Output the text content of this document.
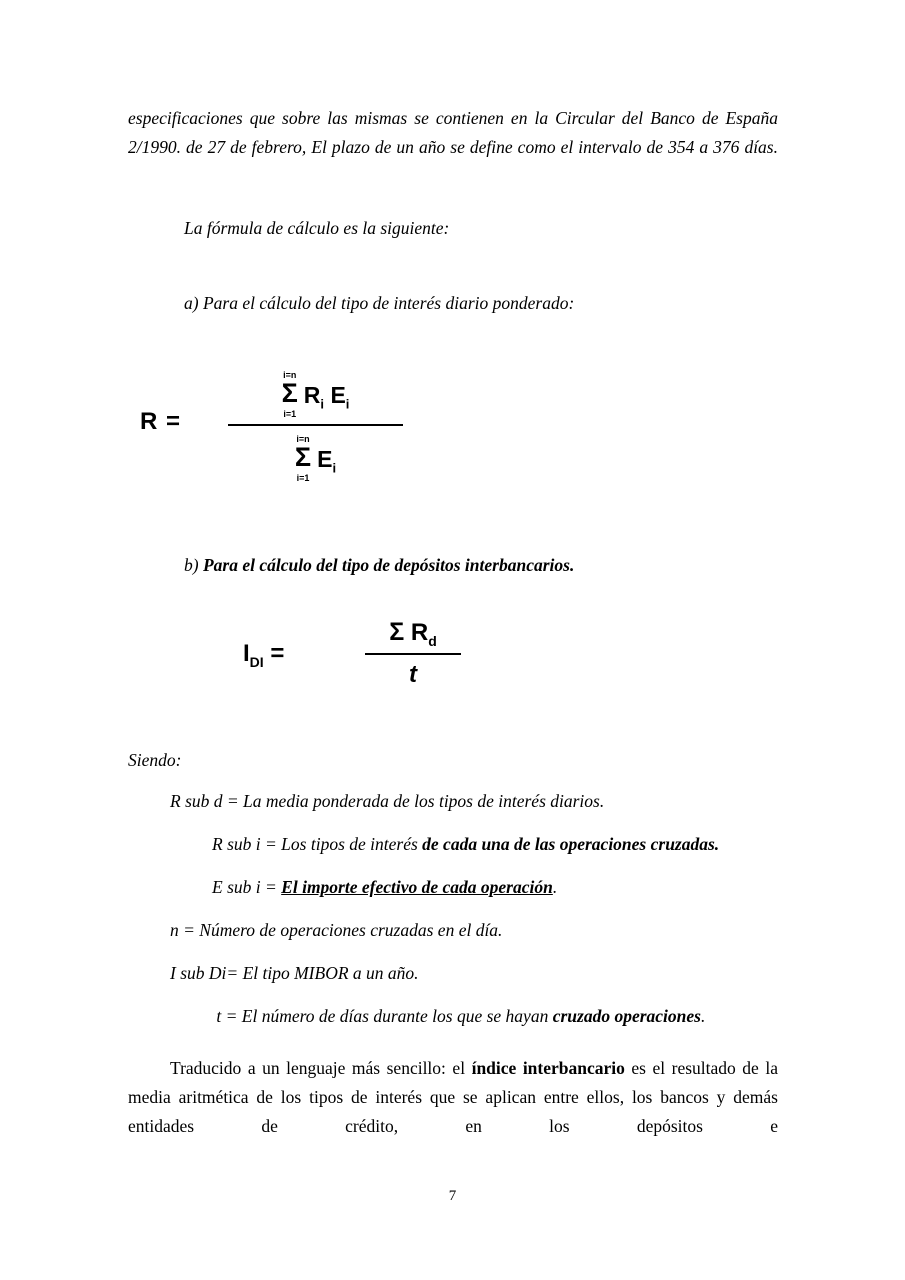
especificaciones que sobre las mismas se contienen en la Circular del Banco de España 2/1990. de 27 de febrero, El plazo de un año se define como el intervalo de 354 a 376 días.

La fórmula de cálculo es la siguiente:

a) Para el cálculo del tipo de interés diario ponderado:

R =
i=n
Σ
$i=1R_i$ $E_i$
i=n
Σ
$i=1E_i$

b) Para el cálculo del tipo de depósitos interbancarios.

$I_{DI}$ =
Σ $R_d$
t

Siendo:

R sub d = La media ponderada de los tipos de interés diarios.

R sub i = Los tipos de interés de cada una de las operaciones cruzadas.

E sub i = El importe efectivo de cada operación.

n = Número de operaciones cruzadas en el día.

I sub Di= El tipo MIBOR a un año.

t = El número de días durante los que se hayan cruzado operaciones.

Traducido a un lenguaje más sencillo: el índice interbancario es el resultado de la media aritmética de los tipos de interés que se aplican entre ellos, los bancos y demás entidades de crédito, en los depósitos e

7
